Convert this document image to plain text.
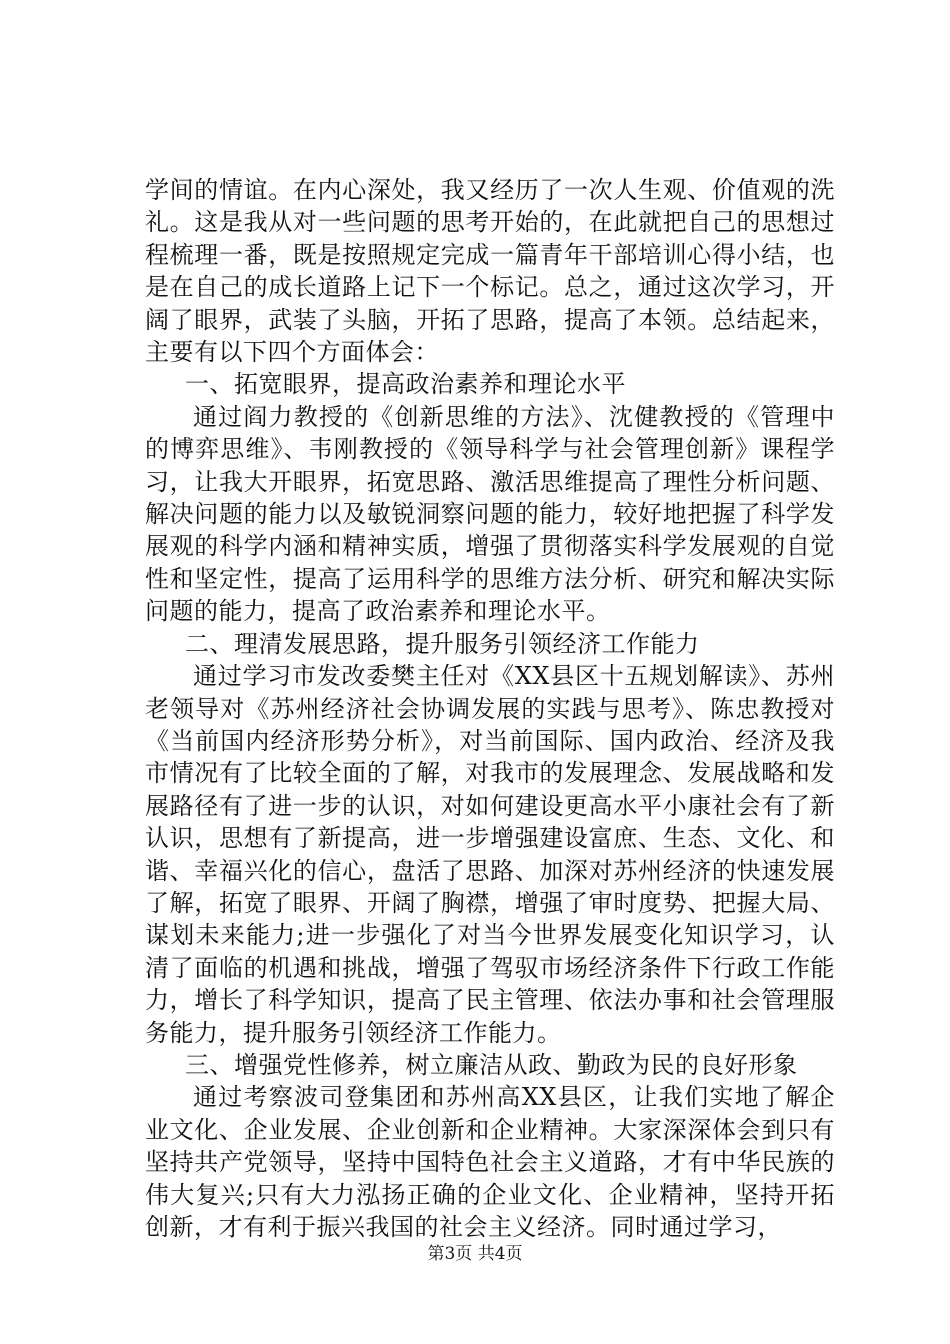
学间的情谊。在内心深处，我又经历了一次人生观、价值观的洗礼。这是我从对一些问题的思考开始的，在此就把自己的思想过程梳理一番，既是按照规定完成一篇青年干部培训心得小结，也是在自己的成长道路上记下一个标记。总之，通过这次学习，开阔了眼界，武装了头脑，开拓了思路，提高了本领。总结起来，主要有以下四个方面体会：

一、拓宽眼界，提高政治素养和理论水平

通过阎力教授的《创新思维的方法》、沈健教授的《管理中的博弈思维》、韦刚教授的《领导科学与社会管理创新》课程学习，让我大开眼界，拓宽思路、激活思维提高了理性分析问题、解决问题的能力以及敏锐洞察问题的能力，较好地把握了科学发展观的科学内涵和精神实质，增强了贯彻落实科学发展观的自觉性和坚定性，提高了运用科学的思维方法分析、研究和解决实际问题的能力，提高了政治素养和理论水平。

二、理清发展思路，提升服务引领经济工作能力

通过学习市发改委樊主任对《XX县区十五规划解读》、苏州老领导对《苏州经济社会协调发展的实践与思考》、陈忠教授对《当前国内经济形势分析》，对当前国际、国内政治、经济及我市情况有了比较全面的了解，对我市的发展理念、发展战略和发展路径有了进一步的认识，对如何建设更高水平小康社会有了新认识，思想有了新提高，进一步增强建设富庶、生态、文化、和谐、幸福兴化的信心，盘活了思路、加深对苏州经济的快速发展了解，拓宽了眼界、开阔了胸襟，增强了审时度势、把握大局、谋划未来能力;进一步强化了对当今世界发展变化知识学习，认清了面临的机遇和挑战，增强了驾驭市场经济条件下行政工作能力，增长了科学知识，提高了民主管理、依法办事和社会管理服务能力，提升服务引领经济工作能力。

三、增强党性修养，树立廉洁从政、勤政为民的良好形象

通过考察波司登集团和苏州高XX县区，让我们实地了解企业文化、企业发展、企业创新和企业精神。大家深深体会到只有坚持共产党领导，坚持中国特色社会主义道路，才有中华民族的伟大复兴;只有大力泓扬正确的企业文化、企业精神，坚持开拓创新，才有利于振兴我国的社会主义经济。同时通过学习，

第3页 共4页
